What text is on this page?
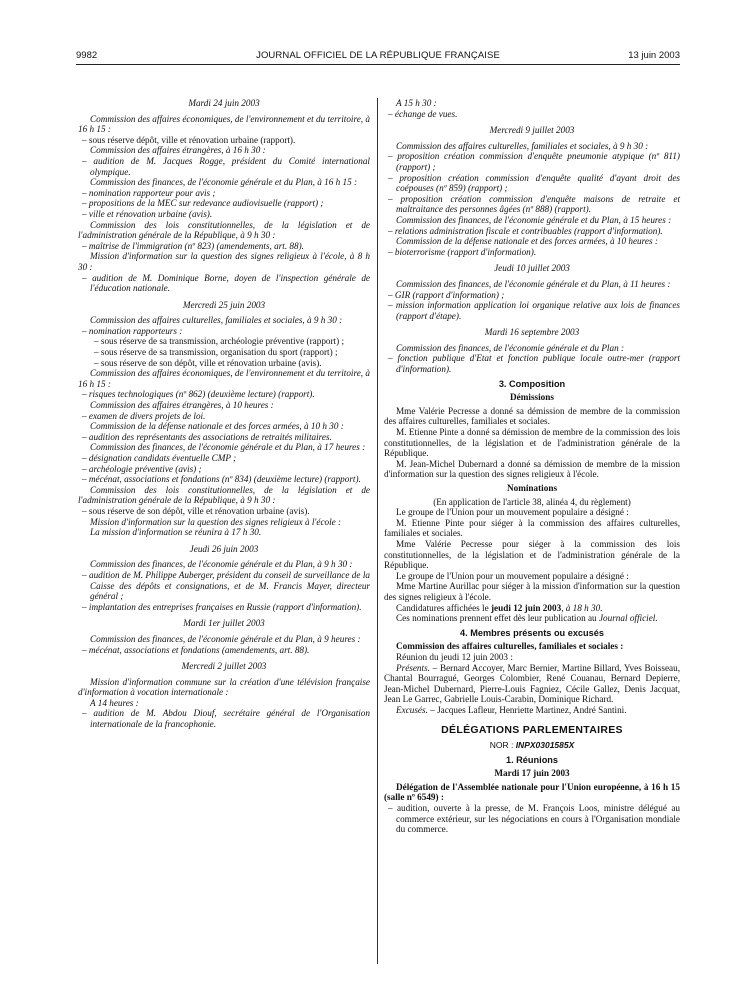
9982	JOURNAL OFFICIEL DE LA RÉPUBLIQUE FRANÇAISE	13 juin 2003

Mardi 24 juin 2003

Commission des affaires économiques, de l'environnement et du territoire, à 16 h 15 :

– sous réserve dépôt, ville et rénovation urbaine (rapport).

Commission des affaires étrangères, à 16 h 30 :

– audition de M. Jacques Rogge, président du Comité international olympique.

Commission des finances, de l'économie générale et du Plan, à 16 h 15 :

– nomination rapporteur pour avis ;

– propositions de la MEC sur redevance audiovisuelle (rapport) ;

– ville et rénovation urbaine (avis).

Commission des lois constitutionnelles, de la législation et de l'administration générale de la République, à 9 h 30 :

– maîtrise de l'immigration (nº 823) (amendements, art. 88).

Mission d'information sur la question des signes religieux à l'école, à 8 h 30 :

– audition de M. Dominique Borne, doyen de l'inspection générale de l'éducation nationale.

Mercredi 25 juin 2003

Commission des affaires culturelles, familiales et sociales, à 9 h 30 :

– nomination rapporteurs :

– sous réserve de sa transmission, archéologie préventive (rapport) ;

– sous réserve de sa transmission, organisation du sport (rapport) ;

– sous réserve de son dépôt, ville et rénovation urbaine (avis).

Commission des affaires économiques, de l'environnement et du territoire, à 16 h 15 :

– risques technologiques (nº 862) (deuxième lecture) (rapport).

Commission des affaires étrangères, à 10 heures :

– examen de divers projets de loi.

Commission de la défense nationale et des forces armées, à 10 h 30 :

– audition des représentants des associations de retraités militaires.

Commission des finances, de l'économie générale et du Plan, à 17 heures :

– désignation candidats éventuelle CMP ;

– archéologie préventive (avis) ;

– mécénat, associations et fondations (nº 834) (deuxième lecture) (rapport).

Commission des lois constitutionnelles, de la législation et de l'administration générale de la République, à 9 h 30 :

– sous réserve de son dépôt, ville et rénovation urbaine (avis).

Mission d'information sur la question des signes religieux à l'école :

La mission d'information se réunira à 17 h 30.

Jeudi 26 juin 2003

Commission des finances, de l'économie générale et du Plan, à 9 h 30 :

– audition de M. Philippe Auberger, président du conseil de surveillance de la Caisse des dépôts et consignations, et de M. Francis Mayer, directeur général ;

– implantation des entreprises françaises en Russie (rapport d'information).

Mardi 1er juillet 2003

Commission des finances, de l'économie générale et du Plan, à 9 heures :

– mécénat, associations et fondations (amendements, art. 88).

Mercredi 2 juillet 2003

Mission d'information commune sur la création d'une télévision française d'information à vocation internationale :

A 14 heures :

– audition de M. Abdou Diouf, secrétaire général de l'Organisation internationale de la francophonie.

A 15 h 30 :

– échange de vues.

Mercredi 9 juillet 2003

Commission des affaires culturelles, familiales et sociales, à 9 h 30 :

– proposition création commission d'enquête pneumonie atypique (nº 811) (rapport) ;

– proposition création commission d'enquête qualité d'ayant droit des coépouses (nº 859) (rapport) ;

– proposition création commission d'enquête maisons de retraite et maltraitance des personnes âgées (nº 888) (rapport).

Commission des finances, de l'économie générale et du Plan, à 15 heures :

– relations administration fiscale et contribuables (rapport d'information).

Commission de la défense nationale et des forces armées, à 10 heures :

– bioterrorisme (rapport d'information).

Jeudi 10 juillet 2003

Commission des finances, de l'économie générale et du Plan, à 11 heures :

– GIR (rapport d'information) ;

– mission information application loi organique relative aux lois de finances (rapport d'étape).

Mardi 16 septembre 2003

Commission des finances, de l'économie générale et du Plan :

– fonction publique d'Etat et fonction publique locale outre-mer (rapport d'information).

3. Composition

Démissions

Mme Valérie Pecresse a donné sa démission de membre de la commission des affaires culturelles, familiales et sociales.

M. Etienne Pinte a donné sa démission de membre de la commission des lois constitutionnelles, de la législation et de l'administration générale de la République.

M. Jean-Michel Dubernard a donné sa démission de membre de la mission d'information sur la question des signes religieux à l'école.

Nominations

(En application de l'article 38, alinéa 4, du règlement)

Le groupe de l'Union pour un mouvement populaire a désigné :

M. Etienne Pinte pour siéger à la commission des affaires culturelles, familiales et sociales.

Mme Valérie Pecresse pour siéger à la commission des lois constitutionnelles, de la législation et de l'administration générale de la République.

Le groupe de l'Union pour un mouvement populaire a désigné :

Mme Martine Aurillac pour siéger à la mission d'information sur la question des signes religieux à l'école.

Candidatures affichées le jeudi 12 juin 2003, à 18 h 30.

Ces nominations prennent effet dès leur publication au Journal officiel.

4. Membres présents ou excusés

Commission des affaires culturelles, familiales et sociales :

Réunion du jeudi 12 juin 2003 :

Présents. – Bernard Accoyer, Marc Bernier, Martine Billard, Yves Boisseau, Chantal Bourragué, Georges Colombier, René Couanau, Bernard Depierre, Jean-Michel Dubernard, Pierre-Louis Fagniez, Cécile Gallez, Denis Jacquat, Jean Le Garrec, Gabrielle Louis-Carabin, Dominique Richard.

Excusés. – Jacques Lafleur, Henriette Martinez, André Santini.

DÉLÉGATIONS PARLEMENTAIRES

NOR : INPX0301585X

1. Réunions

Mardi 17 juin 2003

Délégation de l'Assemblée nationale pour l'Union européenne, à 16 h 15 (salle nº 6549) :

– audition, ouverte à la presse, de M. François Loos, ministre délégué au commerce extérieur, sur les négociations en cours à l'Organisation mondiale du commerce.
